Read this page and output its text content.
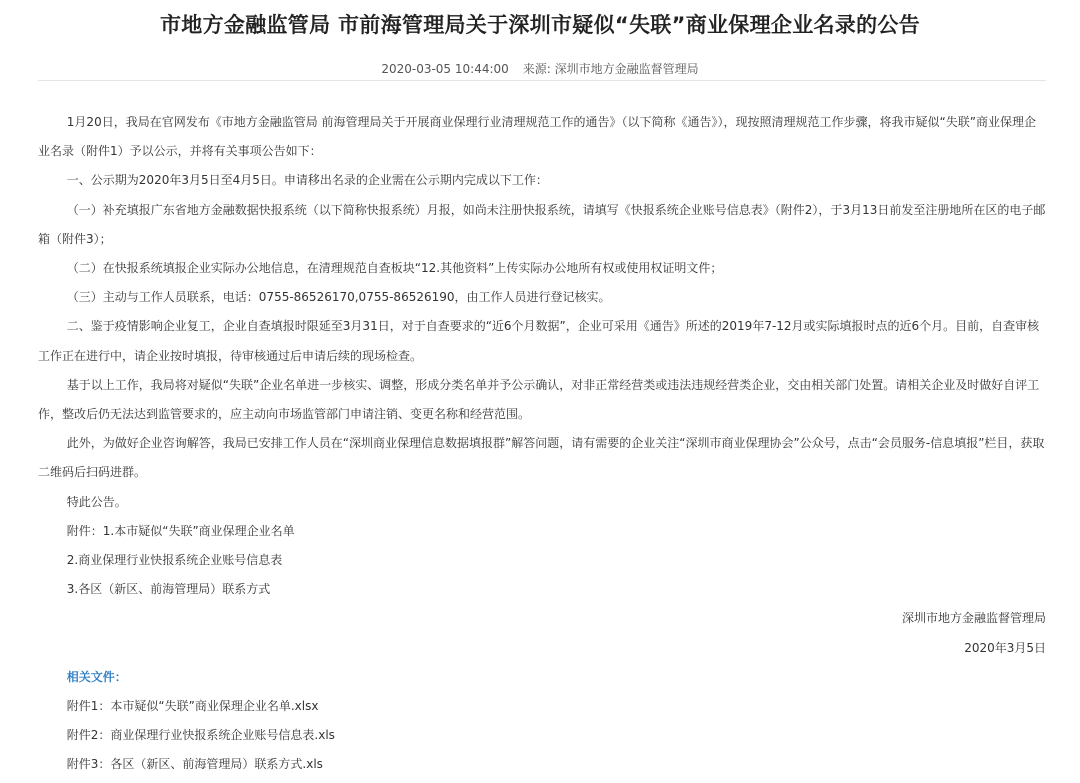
市地方金融监管局 市前海管理局关于深圳市疑似“失联”商业保理企业名录的公告
2020-03-05 10:44:00 来源: 深圳市地方金融监督管理局

1月20日，我局在官网发布《市地方金融监管局 前海管理局关于开展商业保理行业清理规范工作的通告》（以下简称《通告》），现按照清理规范工作步骤，将我市疑似“失联”商业保理企业名录（附件1）予以公示，并将有关事项公告如下：

一、公示期为2020年3月5日至4月5日。申请移出名录的企业需在公示期内完成以下工作：

（一）补充填报广东省地方金融数据快报系统（以下简称快报系统）月报，如尚未注册快报系统，请填写《快报系统企业账号信息表》（附件2），于3月13日前发至注册地所在区的电子邮箱（附件3）；

（二）在快报系统填报企业实际办公地信息，在清理规范自查板块“12.其他资料”上传实际办公地所有权或使用权证明文件；

（三）主动与工作人员联系，电话：0755-86526170,0755-86526190，由工作人员进行登记核实。

二、鉴于疫情影响企业复工，企业自查填报时限延至3月31日，对于自查要求的“近6个月数据”，企业可采用《通告》所述的2019年7-12月或实际填报时点的近6个月。目前，自查审核工作正在进行中，请企业按时填报，待审核通过后申请后续的现场检查。

基于以上工作，我局将对疑似“失联”企业名单进一步核实、调整，形成分类名单并予公示确认，对非正常经营类或违法违规经营类企业，交由相关部门处置。请相关企业及时做好自评工作，整改后仍无法达到监管要求的，应主动向市场监管部门申请注销、变更名称和经营范围。

此外，为做好企业咨询解答，我局已安排工作人员在“深圳商业保理信息数据填报群”解答问题，请有需要的企业关注“深圳市商业保理协会”公众号，点击“会员服务-信息填报”栏目，获取二维码后扫码进群。

特此公告。

附件：1.本市疑似“失联”商业保理企业名单

2.商业保理行业快报系统企业账号信息表

3.各区（新区、前海管理局）联系方式

深圳市地方金融监督管理局

2020年3月5日

相关文件：

附件1：本市疑似“失联”商业保理企业名单.xlsx

附件2：商业保理行业快报系统企业账号信息表.xls

附件3：各区（新区、前海管理局）联系方式.xls
